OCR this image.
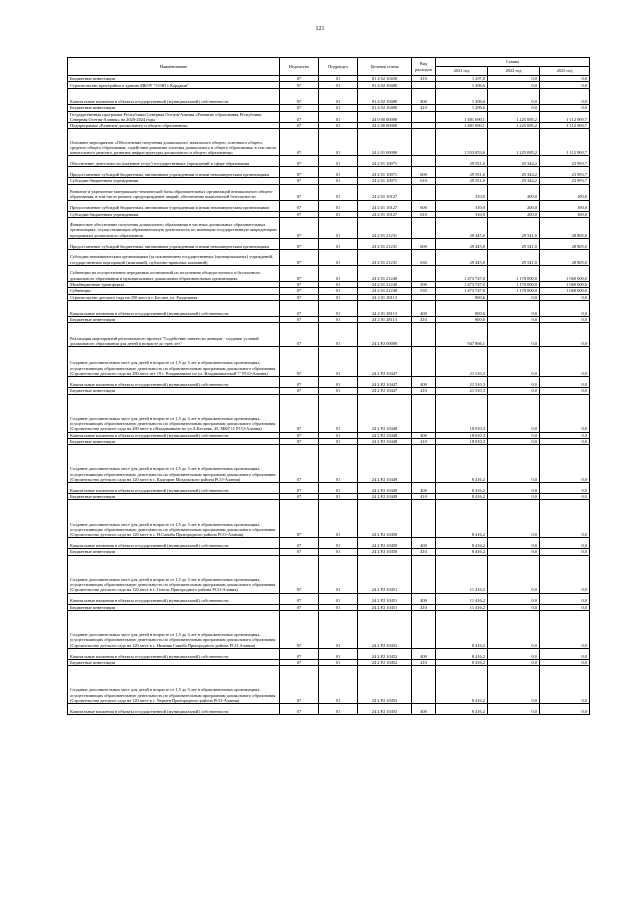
121
Наименование	Ведомство	Подраздел	Целевая статья	Вид расходов	Суммы		
					2021 год	2022 год	2023 год
Бюджетные инвестиции	07	01	01 4 02 10450	410	1 297,0	0,0	0,0
Строительство пристройки к зданию МБОУ "СОШ с.Карджин"	07	01	01 4 02 10480		1 296,6	0,0	0,0
Капитальные вложения в объекты государственной (муниципальной) собственности	07	01	01 4 02 10480	400	1 296,6	0,0	0,0
Бюджетные инвестиции	07	01	01 4 02 10480	410	1 296,6	0,0	0,0
Государственная программа Республики Северная Осетия-Алания «Развитие образования Республики Северная Осетия-Алания» на 2020-2024 годы	07	01	24 0 00 00000		1 481 690,1	1 225 085,2	1 112 900,7
Подпрограмма «Развитие дошкольного и общего образования»	07	01	24 2 00 00000		1 481 690,1	1 225 085,2	1 112 900,7
Основное мероприятие «Обеспечение получения дошкольного, начального общего, основного общего, среднего общего образования, содействие развитию системы дошкольного и общего образования, в том числе капитального ремонта, развития инфраструктуры дошкольного и общего образования»	07	01	24 2 01 00000		1 533 853,6	1 225 085,2	1 112 900,7
Обеспечение деятельности (оказание услуг) государственных учреждений в сфере образования	07	01	24 2 01 10071		29 551,0	25 344,2	23 993,7
Предоставление субсидий бюджетным, автономным учреждениям и иным некоммерческим организациям	07	01	24 2 01 10071	600	29 551,0	25 344,2	23 993,7
Субсидии бюджетным учреждениям	07	01	24 2 01 10071	610	29 551,0	25 344,2	23 993,7
Развитие и укрепление материально-технической базы образовательных организаций внешкольного общего образования, в том числе ремонт, предупреждение аварий, обеспечение комплексной безопасности	07	01	24 2 01 10127		310,0	200,0	100,0
Предоставление субсидий бюджетным, автономным учреждениям и иным некоммерческим организациям	07	01	24 2 01 10127	600	310,0	200,0	100,0
Субсидии бюджетным учреждениям	07	01	24 2 01 10127	610	310,0	200,0	100,0
Финансовое обеспечение получения дошкольного образования в частных дошкольных образовательных организациях, осуществляющих образовательную деятельность по имеющим государственную аккредитацию программам дошкольного образования	07	01	24 2 01 21231		29 445,0	29 541,0	28 805,0
Предоставление субсидий бюджетным, автономным учреждениям и иным некоммерческим организациям	07	01	24 2 01 21231	600	29 445,0	29 541,0	28 805,0
Субсидии некоммерческим организациям (за исключением государственных (муниципальных) учреждений, государственных корпораций (компаний), публично-правовых компаний)	07	01	24 2 01 21231	630	29 445,0	29 541,0	28 805,0
Субвенции на осуществление переданных полномочий по получению общедоступного и бесплатного дошкольного образования в муниципальных дошкольных образовательных организациях	07	01	24 2 01 21240		1 473 747,0	1 170 000,0	1 060 000,0
Межбюджетные трансферты	07	01	24 2 01 21240	500	1 473 747,0	1 170 000,0	1 060 000,0
Субвенции	07	01	24 2 01 21240	530	1 473 747,0	1 170 000,0	1 060 000,0
Строительство детского сада на 250 мест в г. Беслан, ул. Раздольная	07	01	24 2 01 28113		800,6	0,0	0,0
Капитальные вложения в объекты государственной (муниципальной) собственности	07	01	24 2 01 28113	400	800,6	0,0	0,0
Бюджетные инвестиции	07	01	24 2 01 28113	410	800,6	0,0	0,0
Реализация мероприятий регионального проекта "Содействие занятости женщин - создание условий дошкольного образования для детей в возрасте до трех лет"	07	01	24 2 P2 00000		947 866,1	0,0	0,0
Создание дополнительных мест для детей в возрасте от 1,5 до 3 лет в образовательных организациях, осуществляющих образовательную деятельность по образовательным программам дошкольного образования (Строительство детского сада на 280 мест пгт 19 г. Владикавказа по ул. Владикавказской"/" РСО-Алания)	07	01	24 2 P2 10447		21 510,3	0,0	0,0
Капитальные вложения в объекты государственной (муниципальной) собственности	07	01	24 2 P2 10447	400	21 510,3	0,0	0,0
Бюджетные инвестиции	07	01	24 2 P2 10447	410	21 510,3	0,0	0,0
Создание дополнительных мест для детей в возрасте от 1,5 до 3 лет в образовательных организациях, осуществляющих образовательную деятельность по образовательным программам дошкольного образования (Строительство детского сада на 280 мест в г.Владикавказе по ул.А.Кесаева, 45, МКР 11 РСО-Алания)	07	01	24 2 P2 10448		18 010,3	0,0	0,0
Капитальные вложения в объекты государственной (муниципальной) собственности	07	01	24 2 P2 10448	400	18 010,3	0,0	0,0
Бюджетные инвестиции	07	01	24 2 P2 10448	410	18 010,3	0,0	0,0
Создание дополнительных мест для детей в возрасте от 1,5 до 3 лет в образовательных организациях, осуществляющих образовательную деятельность по образовательным программам дошкольного образования (Строительство детского сада на 120 мест в с. Кадгарон Моздокского района РСО-Алания)	07	01	24 2 P2 10449		8 416,2	0,0	0,0
Капитальные вложения в объекты государственной (муниципальной) собственности	07	01	24 2 P2 10449	400	8 416,2	0,0	0,0
Бюджетные инвестиции	07	01	24 2 P2 10449	410	8 416,2	0,0	0,0
Создание дополнительных мест для детей в возрасте от 1,5 до 3 лет в образовательных организациях, осуществляющих образовательную деятельность по образовательным программам дошкольного образования (Строительство детского сада на 120 мест в с. Н.Саниба Пригородного района РСО-Алания)	07	01	24 2 P2 10450		8 416,2	0,0	0,0
Капитальные вложения в объекты государственной (муниципальной) собственности	07	01	24 2 P2 10450	400	8 416,2	0,0	0,0
Бюджетные инвестиции	07	01	24 2 P2 10450	410	8 416,2	0,0	0,0
Создание дополнительных мест для детей в возрасте от 1,5 до 3 лет в образовательных организациях, осуществляющих образовательную деятельность по образовательным программам дошкольного образования (Строительство детского сада на 120 мест в с. Гизель Пригородного района РСО-Алания)	07	01	24 2 P2 10451		11 416,2	0,0	0,0
Капитальные вложения в объекты государственной (муниципальной) собственности	07	01	24 2 P2 10451	400	11 416,2	0,0	0,0
Бюджетные инвестиции	07	01	24 2 P2 10451	410	11 416,2	0,0	0,0
Создание дополнительных мест для детей в возрасте от 1,5 до 3 лет в образовательных организациях, осуществляющих образовательную деятельность по образовательным программам дошкольного образования (Строительство детского сада на 120 мест в с. Нижняя Саниба Пригородного района РСО-Алания)	07	01	24 2 P2 10452		8 416,2	0,0	0,0
Капитальные вложения в объекты государственной (муниципальной) собственности	07	01	24 2 P2 10452	400	8 416,2	0,0	0,0
Бюджетные инвестиции	07	01	24 2 P2 10452	410	8 416,2	0,0	0,0
Создание дополнительных мест для детей в возрасте от 1,5 до 3 лет в образовательных организациях, осуществляющих образовательную деятельность по образовательным программам дошкольного образования (Строительство детского сада на 120 мест в с. Чермен Пригородного района РСО-Алания)	07	01	24 2 P2 10453		8 416,2	0,0	0,0
Капитальные вложения в объекты государственной (муниципальной) собственности	07	01	24 2 P2 10453	400	8 416,2	0,0	0,0
